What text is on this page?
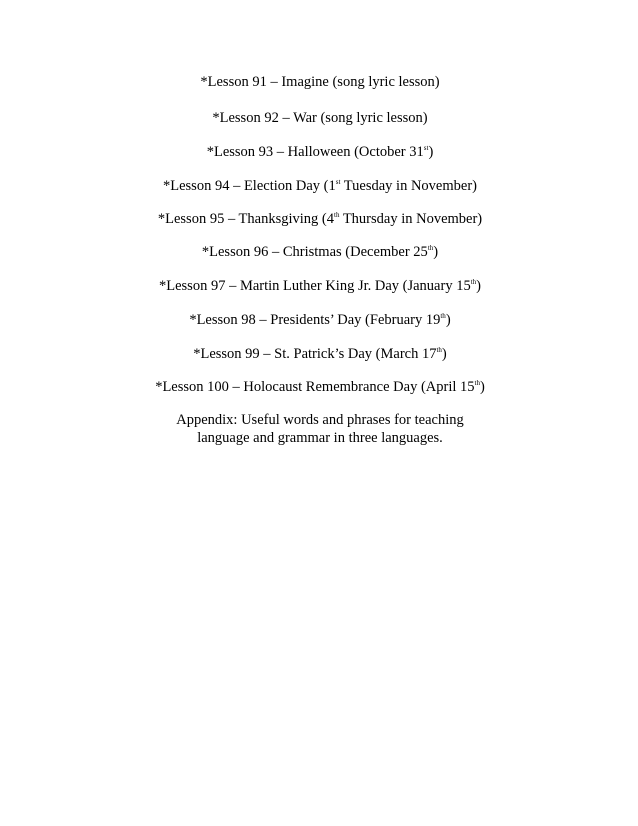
*Lesson 91 – Imagine (song lyric lesson)
*Lesson 92 – War (song lyric lesson)
*Lesson 93 – Halloween (October 31st)
*Lesson 94 – Election Day (1st Tuesday in November)
*Lesson 95 – Thanksgiving (4th Thursday in November)
*Lesson 96 – Christmas (December 25th)
*Lesson 97 – Martin Luther King Jr. Day (January 15th)
*Lesson 98 – Presidents’ Day (February 19th)
*Lesson 99 – St. Patrick’s Day (March 17th)
*Lesson 100 – Holocaust Remembrance Day (April 15th)
Appendix: Useful words and phrases for teaching
language and grammar in three languages.
